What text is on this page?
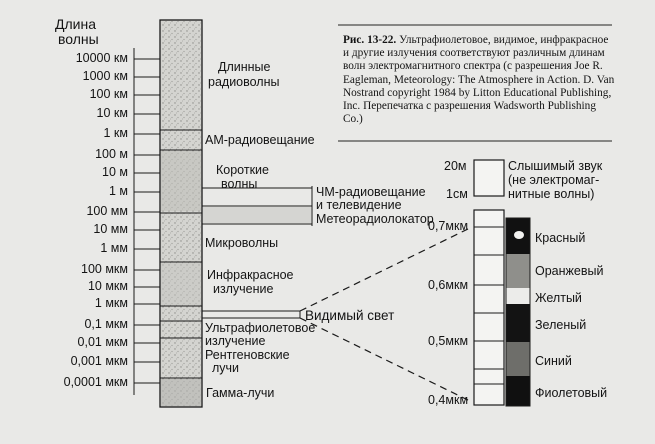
Длина
волны
10000 км
1000 км
100 км
10 км
1 км
100 м
10 м
1 м
100 мм
10 мм
1 мм
100 мкм
10 мкм
1 мкм
0,1 мкм
0,01 мкм
0,001 мкм
0,0001 мкм
Длинные
радиоволны
АМ-радиовещание
Короткие
волны
ЧМ-радиовещание
и телевидение
Метеорадиолокатор
Микроволны
Инфракрасное
излучение
Видимый свет
Ультрафиолетовое
излучение
Рентгеновские
лучи
Гамма-лучи
20м
1см
Слышимый звук
(не электромаг-
нитные волны)
0,7мкм
0,6мкм
0,5мкм
0,4мкм
Красный
Оранжевый
Желтый
Зеленый
Синий
Фиолетовый
Рис. 13-22. Ультрафиолетовое, видимое, инфракрасное и другие излучения соответствуют различным длинам волн электромагнитного спектра (с разрешения Joe R. Eagleman, Meteorology: The Atmosphere in Action. D. Van Nostrand copyright 1984 by Litton Educational Publishing, Inc. Перепечатка с разрешения Wadsworth Publishing Co.)
